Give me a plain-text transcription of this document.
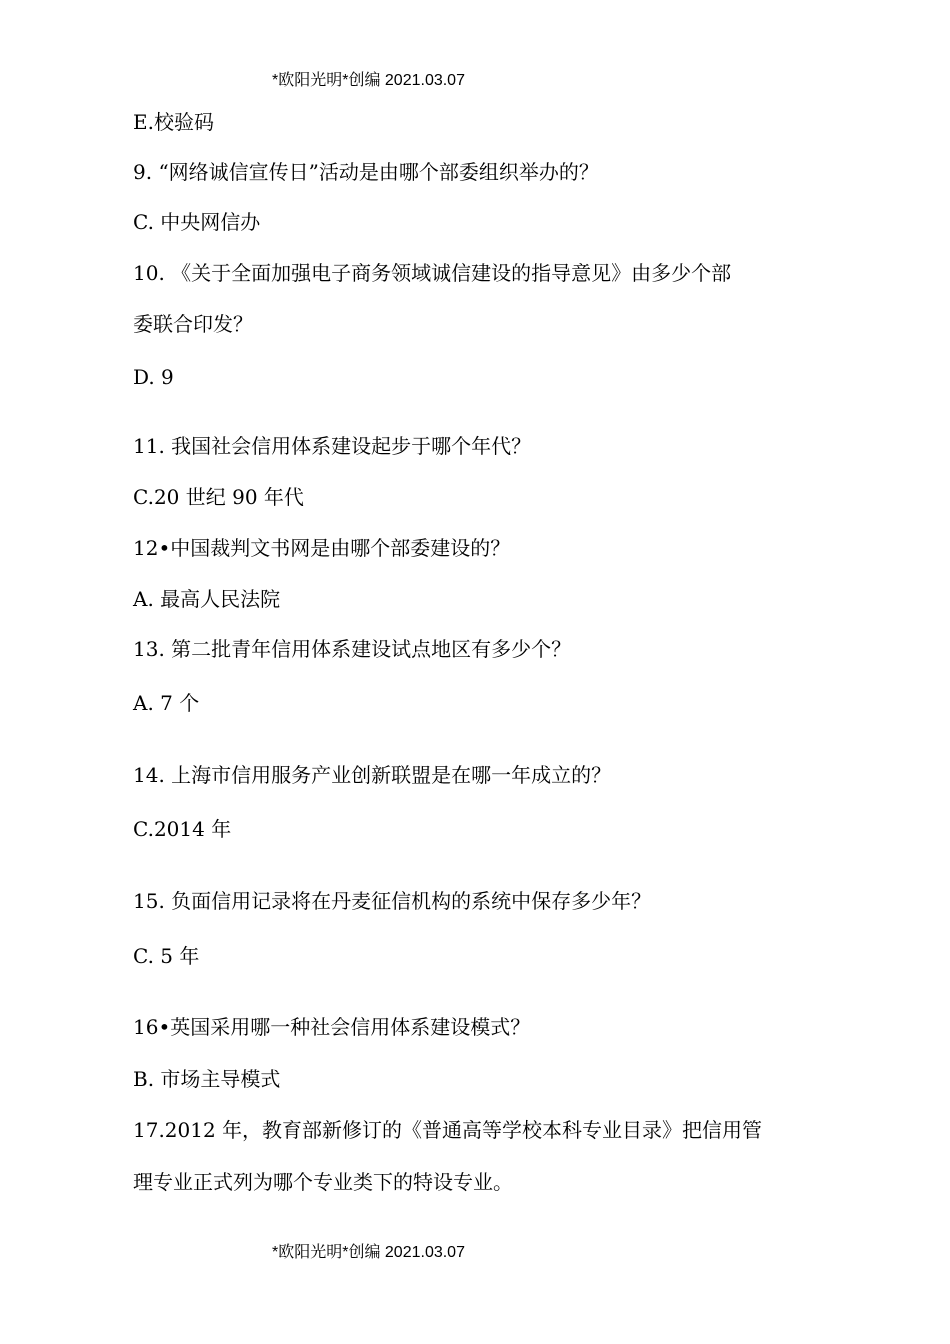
*欧阳光明*创编 2021.03.07
E.校验码
9. “网络诚信宣传日”活动是由哪个部委组织举办的？
C. 中央网信办
10. 《关于全面加强电子商务领域诚信建设的指导意见》由多少个部
委联合印发？
D. 9
11. 我国社会信用体系建设起步于哪个年代？
C.20 世纪 90 年代
12•中国裁判文书网是由哪个部委建设的？
A. 最高人民法院
13. 第二批青年信用体系建设试点地区有多少个？
A. 7 个
14. 上海市信用服务产业创新联盟是在哪一年成立的？
C.2014 年
15. 负面信用记录将在丹麦征信机构的系统中保存多少年？
C. 5 年
16•英国采用哪一种社会信用体系建设模式？
B. 市场主导模式
17.2012 年，教育部新修订的《普通高等学校本科专业目录》把信用管
理专业正式列为哪个专业类下的特设专业。
*欧阳光明*创编 2021.03.07
